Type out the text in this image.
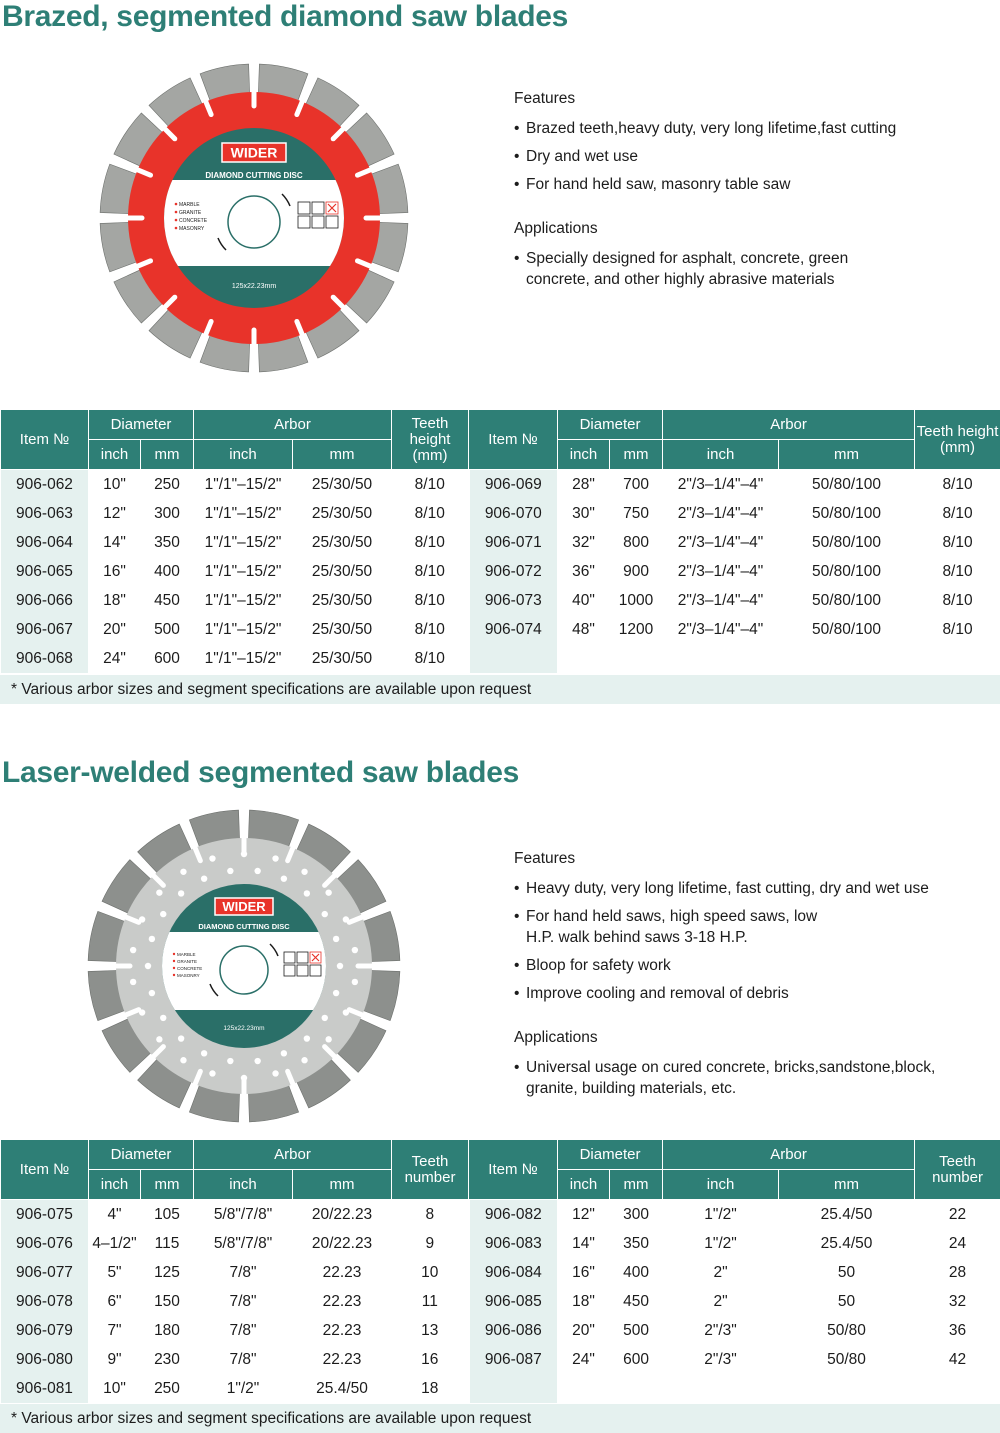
Brazed, segmented diamond saw blades
WIDER
DIAMOND CUTTING DISC
MARBLE
GRANITE
CONCRETE
MASONRY
125x22.23mm

Features

• Brazed teeth,heavy duty, very long lifetime,fast cutting
• Dry and wet use
• For hand held saw, masonry table saw

Applications

• Specially designed for asphalt, concrete, green concrete, and other highly abrasive materials
Item №	Diameter		Arbor		Teeth height (mm)	Item №	Diameter		Arbor		Teeth height (mm)
	inch	mm	inch	mm			inch	mm	inch	mm	
906-062	10"	250	1"/1"–15/2"	25/30/50	8/10	906-069	28"	700	2"/3–1/4"–4"	50/80/100	8/10
906-063	12"	300	1"/1"–15/2"	25/30/50	8/10	906-070	30"	750	2"/3–1/4"–4"	50/80/100	8/10
906-064	14"	350	1"/1"–15/2"	25/30/50	8/10	906-071	32"	800	2"/3–1/4"–4"	50/80/100	8/10
906-065	16"	400	1"/1"–15/2"	25/30/50	8/10	906-072	36"	900	2"/3–1/4"–4"	50/80/100	8/10
906-066	18"	450	1"/1"–15/2"	25/30/50	8/10	906-073	40"	1000	2"/3–1/4"–4"	50/80/100	8/10
906-067	20"	500	1"/1"–15/2"	25/30/50	8/10	906-074	48"	1200	2"/3–1/4"–4"	50/80/100	8/10
906-068	24"	600	1"/1"–15/2"	25/30/50	8/10						
* Various arbor sizes and segment specifications are available upon request
Laser-welded segmented saw blades
WIDER
DIAMOND CUTTING DISC
MARBLE
GRANITE
CONCRETE
MASONRY
125x22.23mm

Features

• Heavy duty, very long lifetime, fast cutting, dry and wet use
• For hand held saws, high speed saws, low H.P. walk behind saws 3-18 H.P.
• Bloop for safety work
• Improve cooling and removal of debris

Applications

• Universal usage on cured concrete, bricks,sandstone,block, granite, building materials, etc.
Item №	Diameter		Arbor		Teeth number	Item №	Diameter		Arbor		Teeth number
	inch	mm	inch	mm			inch	mm	inch	mm	
906-075	4"	105	5/8"/7/8"	20/22.23	8	906-082	12"	300	1"/2"	25.4/50	22
906-076	4–1/2"	115	5/8"/7/8"	20/22.23	9	906-083	14"	350	1"/2"	25.4/50	24
906-077	5"	125	7/8"	22.23	10	906-084	16"	400	2"	50	28
906-078	6"	150	7/8"	22.23	11	906-085	18"	450	2"	50	32
906-079	7"	180	7/8"	22.23	13	906-086	20"	500	2"/3"	50/80	36
906-080	9"	230	7/8"	22.23	16	906-087	24"	600	2"/3"	50/80	42
906-081	10"	250	1"/2"	25.4/50	18						
* Various arbor sizes and segment specifications are available upon request
